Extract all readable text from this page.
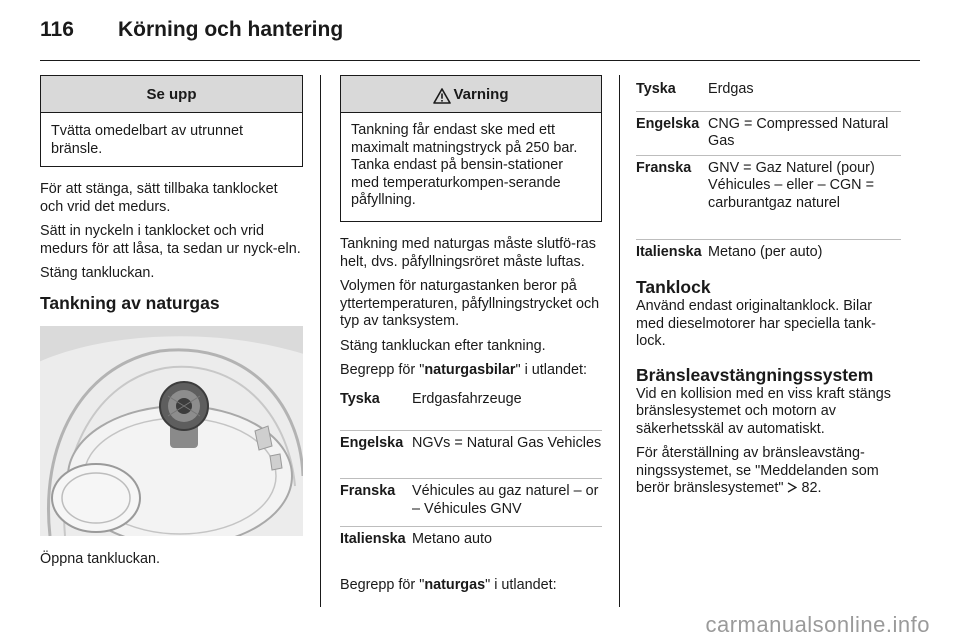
116	Körning och hantering
Se upp
Tvätta omedelbart av utrunnet bränsle.

För att stänga, sätt tillbaka tanklocket och vrid det medurs.

Sätt in nyckeln i tanklocket och vrid medurs för att låsa, ta sedan ur nyck-eln.

Stäng tankluckan.

Tankning av naturgas

Öppna tankluckan.

Varning
Tankning får endast ske med ett maximalt matningstryck på 250 bar. Tanka endast på bensin-stationer med temperaturkompen-serande påfyllning.

Tankning med naturgas måste slutfö-ras helt, dvs. påfyllningsröret måste luftas.

Volymen för naturgastanken beror på yttertemperaturen, påfyllningstrycket och typ av tanksystem.

Stäng tankluckan efter tankning.

Begrepp för "naturgasbilar" i utlandet:

Tyska	Erdgasfahrzeuge
Engelska	NGVs = Natural Gas Vehicles
Franska	Véhicules au gaz naturel – or – Véhicules GNV
Italienska	Metano auto

Begrepp för "naturgas" i utlandet:

Tyska	Erdgas
Engelska	CNG = Compressed Natural Gas
Franska	GNV = Gaz Naturel (pour) Véhicules – eller – CGN = carburantgaz naturel
Italienska	Metano (per auto)
Tanklock

Använd endast originaltanklock. Bilar med dieselmotorer har speciella tank-lock.

Bränsleavstängningssystem

Vid en kollision med en viss kraft stängs bränslesystemet och motorn av säkerhetsskäl av automatiskt.

För återställning av bränsleavstäng-ningssystemet, se "Meddelanden som berör bränslesystemet" 82.

carmanualsonline.info
